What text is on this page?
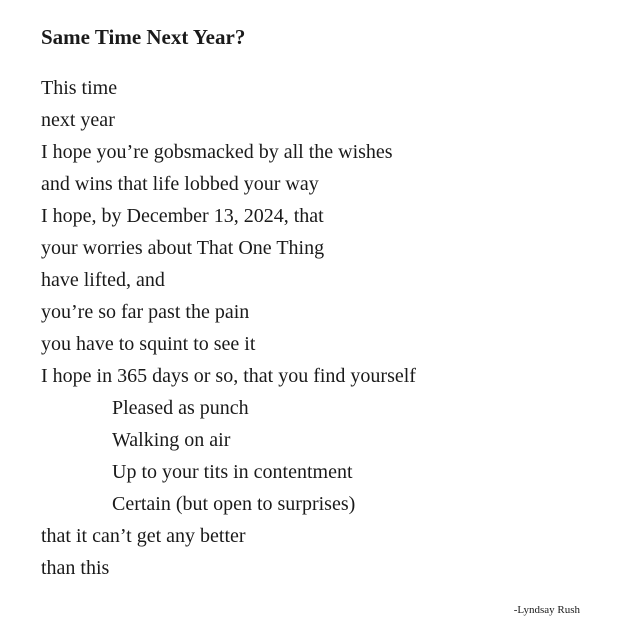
Same Time Next Year?
This time
next year
I hope you’re gobsmacked by all the wishes
and wins that life lobbed your way
I hope, by December 13, 2024, that
your worries about That One Thing
have lifted, and
you’re so far past the pain
you have to squint to see it
I hope in 365 days or so, that you find yourself
Pleased as punch
Walking on air
Up to your tits in contentment
Certain (but open to surprises)
that it can’t get any better
than this

-Lyndsay Rush
